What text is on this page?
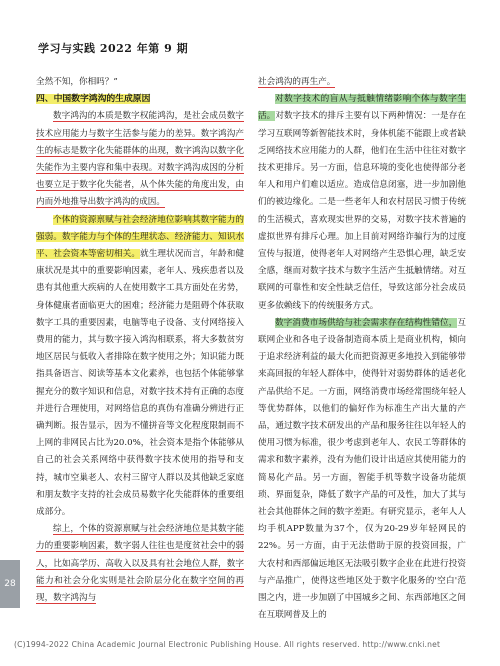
学习与实践 2022 年第 9 期

全然不知，你相吗？”

四、中国数字鸿沟的生成原因

数字鸿沟的本质是数字权能鸿沟，是社会成员数字技术应用能力与数字生活参与能力的差异。数字鸿沟产生的标志是数字化失能群体的出现，数字鸿沟以数字化失能作为主要内容和集中表现。对数字鸿沟成因的分析也要立足于数字化失能者，从个体失能的角度出发，由内而外地推导出数字鸿沟的成因。

个体的资源禀赋与社会经济地位影响其数字能力的强弱。数字能力与个体的生理状态、经济能力、知识水平、社会资本等密切相关。就生理状况而言，年龄和健康状况是其中的重要影响因素，老年人、残疾患者以及患有其他重大疾病的人在使用数字工具方面处在劣势，身体健康者面临更大的困难；经济能力是阻碍个体获取数字工具的重要因素，电脑等电子设备、支付网络接入费用的能力，其与数字接入鸿沟相联系，将大多数贫穷地区居民与低收入者排除在数字使用之外；知识能力既指具备语言、阅读等基本文化素养，也包括个体能够掌握充分的数字知识和信息，对数字技术持有正确的态度并进行合理使用，对网络信息的真伪有准确分辨进行正确判断。报告显示，因为不懂拼音等文化程度限制而不上网的非网民占比为20.0%，社会资本是指个体能够从自己的社会关系网络中获得数字技术使用的指导和支持，城市空巢老人、农村三留守人群以及其他缺乏家庭和朋友数字支持的社会成员易数字化失能群体的重要组成部分。

综上，个体的资源禀赋与社会经济地位是其数字能力的重要影响因素，数字弱人往往也是度贫社会中的弱人，比如高学历、高收入以及具有社会地位人群，数字能力和社会分化实则是社会阶层分化在数字空间的再现，数字鸿沟与

社会鸿沟的再生产。

对数字技术的盲从与抵触情绪影响个体与数字生活。对数字技术的排斥主要有以下两种情况：一是存在学习互联网等新智能技术时，身体机能不能跟上或者缺乏网络技术应用能力的人群，他们在生活中往往对数字技术更排斥。另一方面，信息环境的变化也使得部分老年人和用户们难以适应。造成信息闭塞，进一步加剧他们的被边缘化。二是一些老年人和农村居民习惯于传统的生活模式，喜欢现实世界的交易，对数字技术普遍的虚拟世界有排斥心理。加上目前对网络诈骗行为的过度宣传与报道，使得老年人对网络产生恐惧心理，缺乏安全感，继而对数字技术与数字生活产生抵触情绪。对互联网的可靠性和安全性缺乏信任，导致这部分社会成员更多依赖线下的传统服务方式。

数字消费市场供给与社会需求存在结构性错位，互联网企业和各电子设备制造商本质上是商业机构，倾向于追求经济利益的最大化而把资源更多地投入到能够带来高回报的年轻人群体中，使得针对弱势群体的适老化产品供给不足。一方面，网络消费市场经常围绕年轻人等优势群体，以他们的偏好作为标准生产出大量的产品，通过数字技术研发出的产品和服务往往以年轻人的使用习惯为标准，很少考虑到老年人、农民工等群体的需求和数字素养，没有为他们设计出适应其使用能力的简易化产品。另一方面，智能手机等数字设备功能烦琐、界面复杂，降低了数字产品的可及性，加大了其与社会其他群体之间的数字差距。有研究显示，老年人人均手机APP数量为37个，仅为20-29岁年轻网民的22%。另一方面，由于无法借助于原的投资回报，广大农村和西部偏远地区无法吸引数字企业在此进行投资与产品推广，使得这些地区处于数字化服务的'空白'范围之内，进一步加剧了中国城乡之间、东西部地区之间在互联网普及上的

28
(C)1994-2022 China Academic Journal Electronic Publishing House. All rights reserved. http://www.cnki.net
